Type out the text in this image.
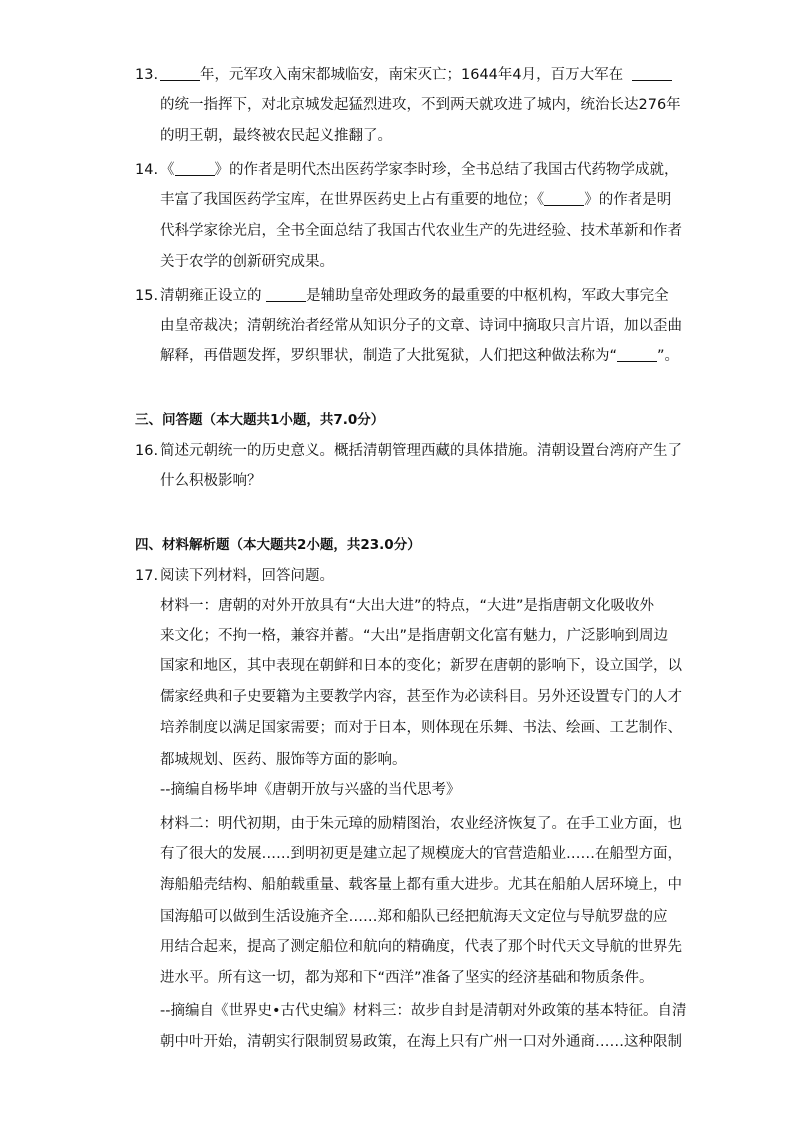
13.	年，元军攻入南宋都城临安，南宋灭亡；1644年4月，百万大军在
的统一指挥下，对北京城发起猛烈进攻，不到两天就攻进了城内，统治长达276年
的明王朝，最终被农民起义推翻了。
14. 《	》的作者是明代杰出医药学家李时珍，全书总结了我国古代药物学成就，
丰富了我国医药学宝库，在世界医药史上占有重要的地位；《	》的作者是明
代科学家徐光启，全书全面总结了我国古代农业生产的先进经验、技术革新和作者
关于农学的创新研究成果。
15. 清朝雍正设立的	是辅助皇帝处理政务的最重要的中枢机构，军政大事完全
由皇帝裁决；清朝统治者经常从知识分子的文章、诗词中摘取只言片语，加以歪曲
解释，再借题发挥，罗织罪状，制造了大批冤狱，人们把这种做法称为“	”。
三、问答题（本大题共1小题，共7.0分）
16. 简述元朝统一的历史意义。概括清朝管理西藏的具体措施。清朝设置台湾府产生了
什么积极影响？
四、材料解析题（本大题共2小题，共23.0分）
17. 阅读下列材料，回答问题。
材料一：唐朝的对外开放具有“大出大进”的特点，“大进”是指唐朝文化吸收外
来文化；不拘一格，兼容并蓄。“大出”是指唐朝文化富有魅力，广泛影响到周边
国家和地区，其中表现在朝鲜和日本的变化；新罗在唐朝的影响下，设立国学，以
儒家经典和子史要籍为主要教学内容，甚至作为必读科目。另外还设置专门的人才
培养制度以满足国家需要；而对于日本，则体现在乐舞、书法、绘画、工艺制作、
都城规划、医药、服饰等方面的影响。
--摘编自杨毕坤《唐朝开放与兴盛的当代思考》
材料二：明代初期，由于朱元璋的励精图治，农业经济恢复了。在手工业方面，也
有了很大的发展……到明初更是建立起了规模庞大的官营造船业……在船型方面，
海船船壳结构、船舶载重量、载客量上都有重大进步。尤其在船舶人居环境上，中
国海船可以做到生活设施齐全……郑和船队已经把航海天文定位与导航罗盘的应
用结合起来，提高了测定船位和航向的精确度，代表了那个时代天文导航的世界先
进水平。所有这一切，都为郑和下“西洋”准备了坚实的经济基础和物质条件。
--摘编自《世界史•古代史编》材料三：故步自封是清朝对外政策的基本特征。自清
朝中叶开始，清朝实行限制贸易政策，在海上只有广州一口对外通商……这种限制
